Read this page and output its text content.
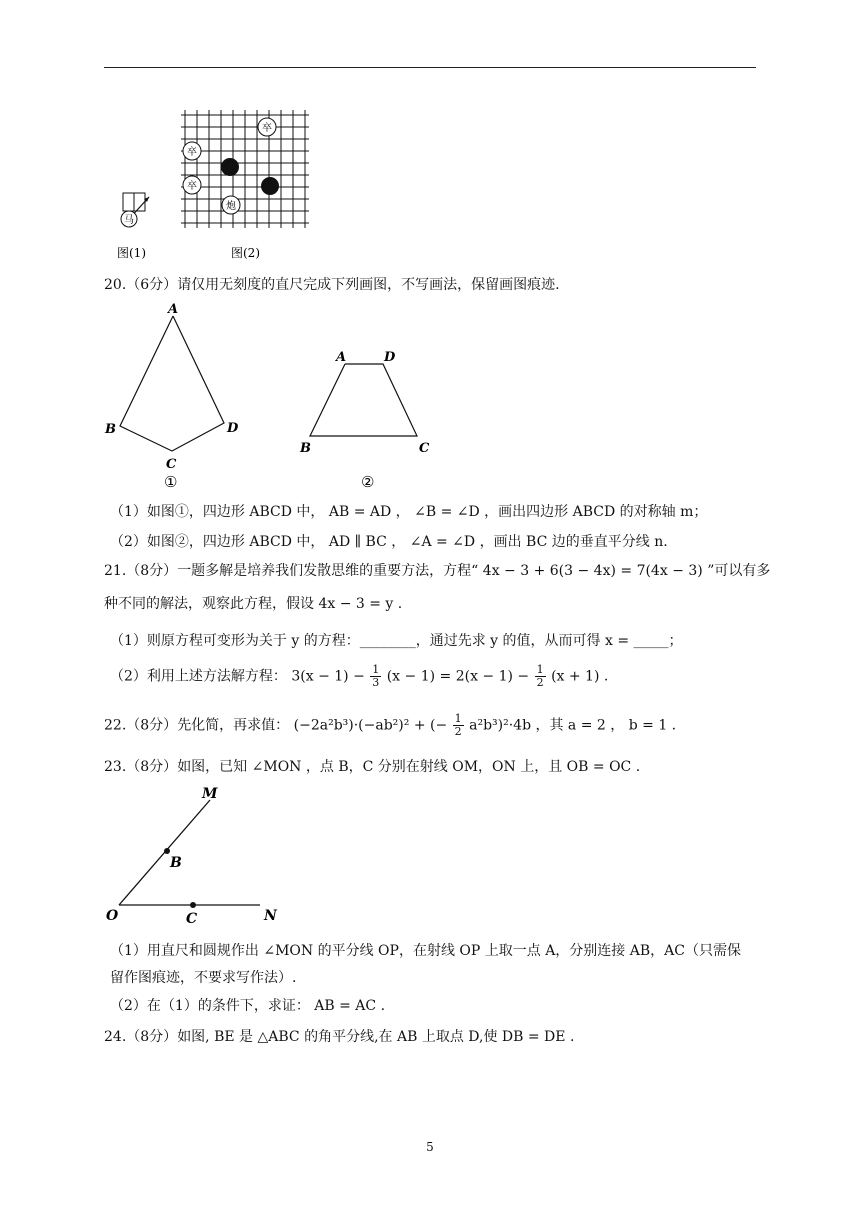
马
卒
卒
卒
炮
图(1)	图(2)
20.（6分）请仅用无刻度的直尺完成下列画图，不写画法，保留画图痕迹.
A
B	D
C
①
A	D
B	C
②
（1）如图①，四边形 ABCD 中， AB = AD ， ∠B = ∠D ，画出四边形 ABCD 的对称轴 m；
（2）如图②，四边形 ABCD 中， AD ∥ BC ， ∠A = ∠D ，画出 BC 边的垂直平分线 n.
21.（8分）一题多解是培养我们发散思维的重要方法，方程“ 4x − 3 + 6(3 − 4x) = 7(4x − 3) ”可以有多
种不同的解法，观察此方程，假设 4x − 3 = y .
（1）则原方程可变形为关于 y 的方程：________，通过先求 y 的值，从而可得 x = _____；
（2）利用上述方法解方程： $3(x - 1) - \frac{1}{3} (x - 1) = 2(x - 1) - \frac{1}{2} (x + 1)$ .
22.（8分）先化简，再求值： (−2a²b³)·(−ab²)² + (− $\frac{1}{2} a^2b^3)^2\cdot 4b$ ，其 a = 2 ， b = 1 .
23.（8分）如图，已知 ∠MON ，点 B，C 分别在射线 OM，ON 上，且 OB = OC .
M
B
O	C	N
（1）用直尺和圆规作出 ∠MON 的平分线 OP，在射线 OP 上取一点 A，分别连接 AB，AC（只需保
留作图痕迹，不要求写作法）.
（2）在（1）的条件下，求证： AB = AC .
24.（8分）如图, BE 是 △ABC 的角平分线,在 AB 上取点 D,使 DB = DE .
5
